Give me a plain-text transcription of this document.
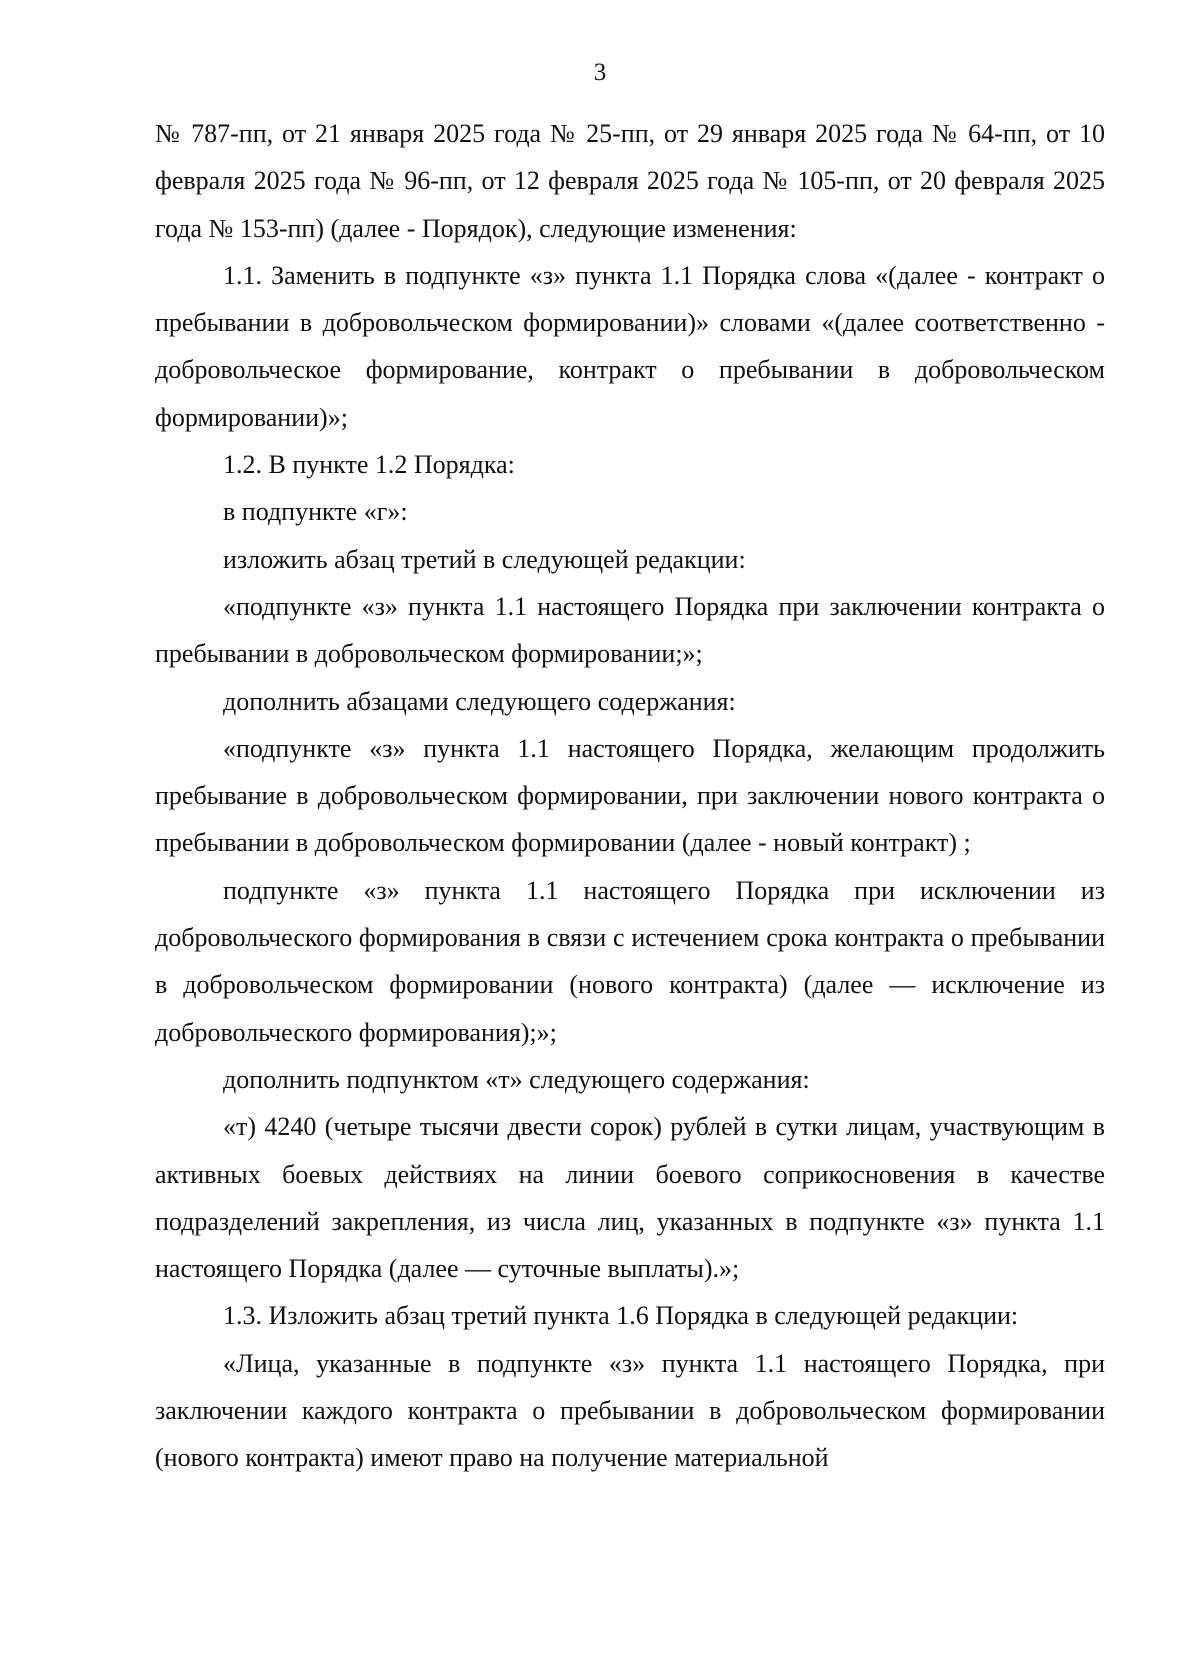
3

№ 787-пп, от 21 января 2025 года № 25-пп, от 29 января 2025 года № 64-пп, от 10 февраля 2025 года № 96-пп, от 12 февраля 2025 года № 105-пп, от 20 февраля 2025 года № 153-пп) (далее - Порядок), следующие изменения:

1.1. Заменить в подпункте «з» пункта 1.1 Порядка слова «(далее - контракт о пребывании в добровольческом формировании)» словами «(далее соответственно - добровольческое формирование, контракт о пребывании в добровольческом формировании)»;

1.2. В пункте 1.2 Порядка:

в подпункте «г»:

изложить абзац третий в следующей редакции:

«подпункте «з» пункта 1.1 настоящего Порядка при заключении контракта о пребывании в добровольческом формировании;»;

дополнить абзацами следующего содержания:

«подпункте «з» пункта 1.1 настоящего Порядка, желающим продолжить пребывание в добровольческом формировании, при заключении нового контракта о пребывании в добровольческом формировании (далее - новый контракт) ;

подпункте «з» пункта 1.1 настоящего Порядка при исключении из добровольческого формирования в связи с истечением срока контракта о пребывании в добровольческом формировании (нового контракта) (далее — исключение из добровольческого формирования);»;

дополнить подпунктом «т» следующего содержания:

«т) 4240 (четыре тысячи двести сорок) рублей в сутки лицам, участвующим в активных боевых действиях на линии боевого соприкосновения в качестве подразделений закрепления, из числа лиц, указанных в подпункте «з» пункта 1.1 настоящего Порядка (далее — суточные выплаты).»;

1.3. Изложить абзац третий пункта 1.6 Порядка в следующей редакции:

«Лица, указанные в подпункте «з» пункта 1.1 настоящего Порядка, при заключении каждого контракта о пребывании в добровольческом формировании (нового контракта) имеют право на получение материальной
